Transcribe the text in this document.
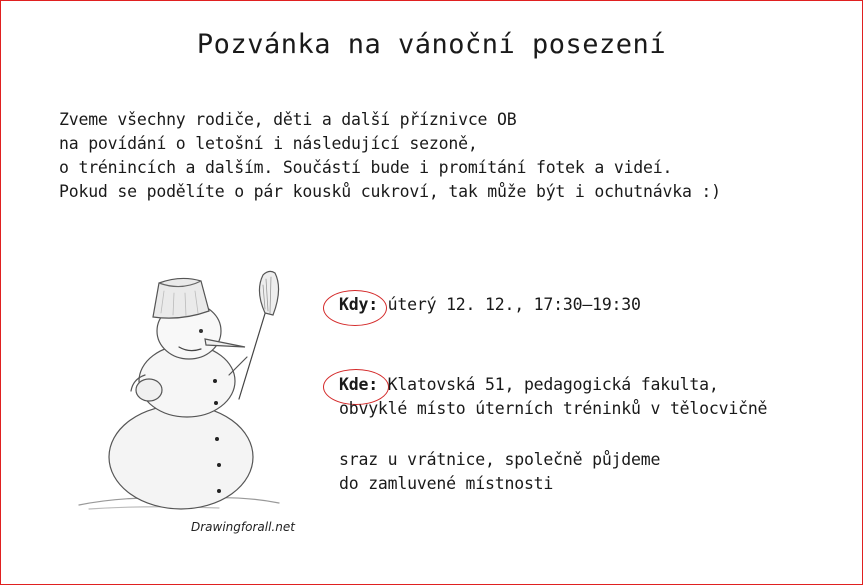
Pozvánka na vánoční posezení
Zveme všechny rodiče, děti a další příznivce OB
na povídání o letošní i následující sezoně,
o trénincích a dalším. Součástí bude i promítání fotek a videí.
Pokud se podělíte o pár kousků cukroví, tak může být i ochutnávka :)
Drawingforall.net
Kdy: úterý 12. 12., 17:30–19:30
Kde: Klatovská 51, pedagogická fakulta,
obvyklé místo úterních tréninků v tělocvičně
sraz u vrátnice, společně půjdeme
do zamluvené místnosti
